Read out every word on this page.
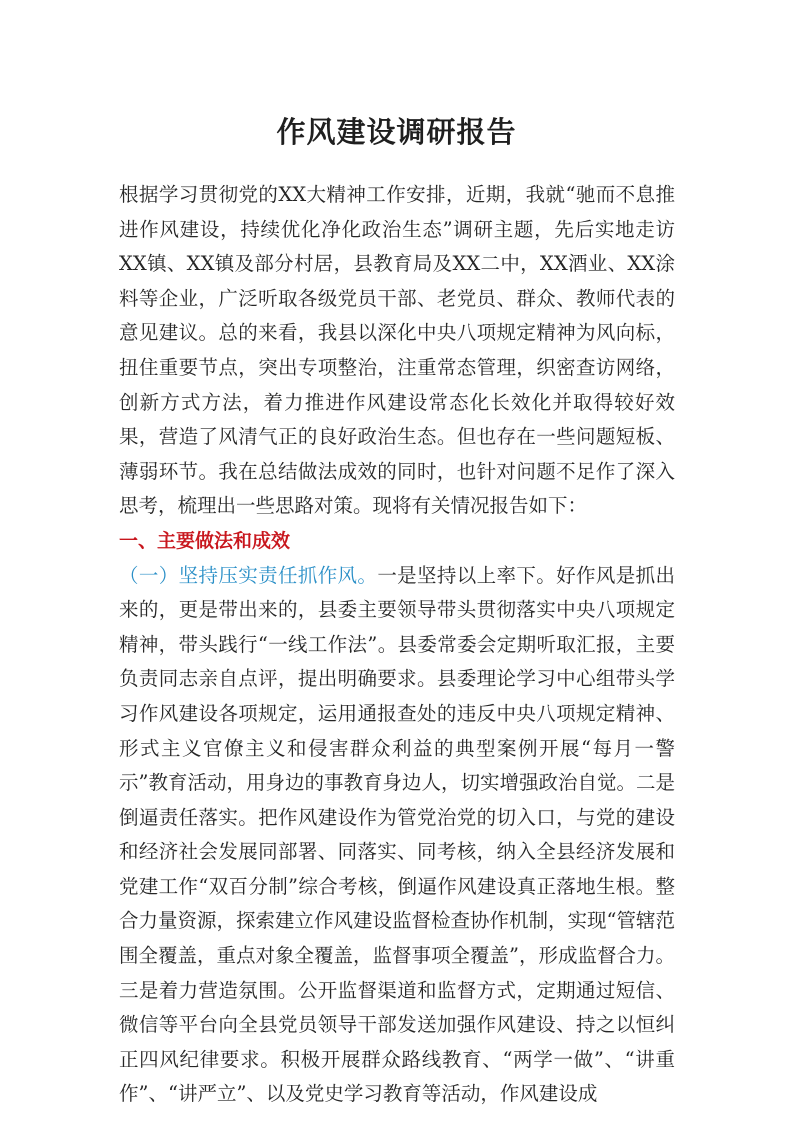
作风建设调研报告

根据学习贯彻党的XX大精神工作安排，近期，我就“驰而不息推进作风建设，持续优化净化政治生态”调研主题，先后实地走访XX镇、XX镇及部分村居，县教育局及XX二中，XX酒业、XX涂料等企业，广泛听取各级党员干部、老党员、群众、教师代表的意见建议。总的来看，我县以深化中央八项规定精神为风向标，扭住重要节点，突出专项整治，注重常态管理，织密查访网络，创新方式方法，着力推进作风建设常态化长效化并取得较好效果，营造了风清气正的良好政治生态。但也存在一些问题短板、薄弱环节。我在总结做法成效的同时，也针对问题不足作了深入思考，梳理出一些思路对策。现将有关情况报告如下：

一、主要做法和成效

（一）坚持压实责任抓作风。一是坚持以上率下。好作风是抓出来的，更是带出来的，县委主要领导带头贯彻落实中央八项规定精神，带头践行“一线工作法”。县委常委会定期听取汇报，主要负责同志亲自点评，提出明确要求。县委理论学习中心组带头学习作风建设各项规定，运用通报查处的违反中央八项规定精神、形式主义官僚主义和侵害群众利益的典型案例开展“每月一警示”教育活动，用身边的事教育身边人，切实增强政治自觉。二是倒逼责任落实。把作风建设作为管党治党的切入口，与党的建设和经济社会发展同部署、同落实、同考核，纳入全县经济发展和党建工作“双百分制”综合考核，倒逼作风建设真正落地生根。整合力量资源，探索建立作风建设监督检查协作机制，实现“管辖范围全覆盖，重点对象全覆盖，监督事项全覆盖”，形成监督合力。三是着力营造氛围。公开监督渠道和监督方式，定期通过短信、微信等平台向全县党员领导干部发送加强作风建设、持之以恒纠正四风纪律要求。积极开展群众路线教育、“两学一做”、“讲重作”、“讲严立”、以及党史学习教育等活动，作风建设成
